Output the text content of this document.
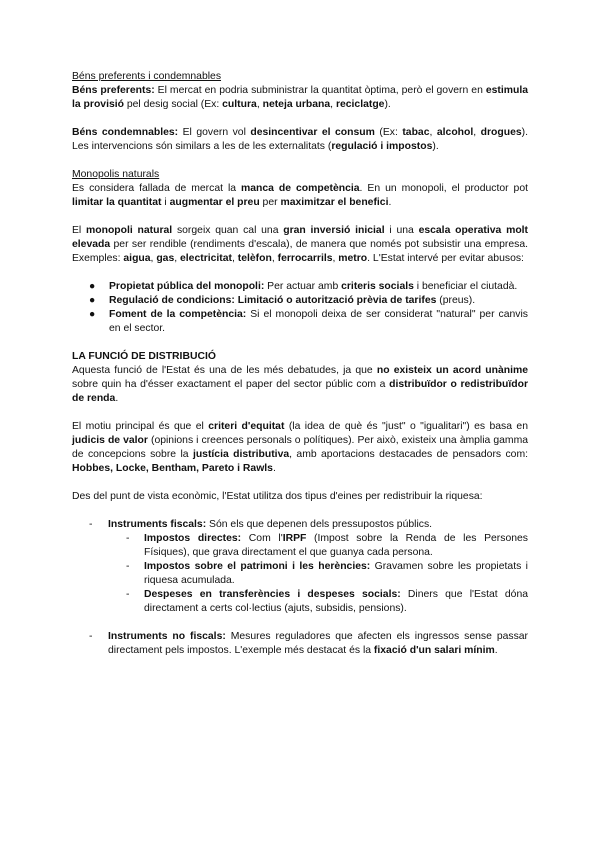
Béns preferents i condemnables

Béns preferents: El mercat en podria subministrar la quantitat òptima, però el govern en estimula la provisió pel desig social (Ex: cultura, neteja urbana, reciclatge).

Béns condemnables: El govern vol desincentivar el consum (Ex: tabac, alcohol, drogues). Les intervencions són similars a les de les externalitats (regulació i impostos).

Monopolis naturals

Es considera fallada de mercat la manca de competència. En un monopoli, el productor pot limitar la quantitat i augmentar el preu per maximitzar el benefici.

El monopoli natural sorgeix quan cal una gran inversió inicial i una escala operativa molt elevada per ser rendible (rendiments d'escala), de manera que només pot subsistir una empresa. Exemples: aigua, gas, electricitat, telèfon, ferrocarrils, metro. L'Estat intervé per evitar abusos:

● Propietat pública del monopoli: Per actuar amb criteris socials i beneficiar el ciutadà.
● Regulació de condicions: Limitació o autorització prèvia de tarifes (preus).
● Foment de la competència: Si el monopoli deixa de ser considerat "natural" per canvis en el sector.

LA FUNCIÓ DE DISTRIBUCIÓ

Aquesta funció de l'Estat és una de les més debatudes, ja que no existeix un acord unànime sobre quin ha d'ésser exactament el paper del sector públic com a distribuïdor o redistribuïdor de renda.

El motiu principal és que el criteri d'equitat (la idea de què és "just" o "igualitari") es basa en judicis de valor (opinions i creences personals o polítiques). Per això, existeix una àmplia gamma de concepcions sobre la justícia distributiva, amb aportacions destacades de pensadors com: Hobbes, Locke, Bentham, Pareto i Rawls.

Des del punt de vista econòmic, l'Estat utilitza dos tipus d'eines per redistribuir la riquesa:

- Instruments fiscals: Són els que depenen dels pressupostos públics.
- Impostos directes: Com l'IRPF (Impost sobre la Renda de les Persones Físiques), que grava directament el que guanya cada persona.
- Impostos sobre el patrimoni i les herències: Gravamen sobre les propietats i riquesa acumulada.
- Despeses en transferències i despeses socials: Diners que l'Estat dóna directament a certs col·lectius (ajuts, subsidis, pensions).
- Instruments no fiscals: Mesures reguladores que afecten els ingressos sense passar directament pels impostos. L'exemple més destacat és la fixació d'un salari mínim.
